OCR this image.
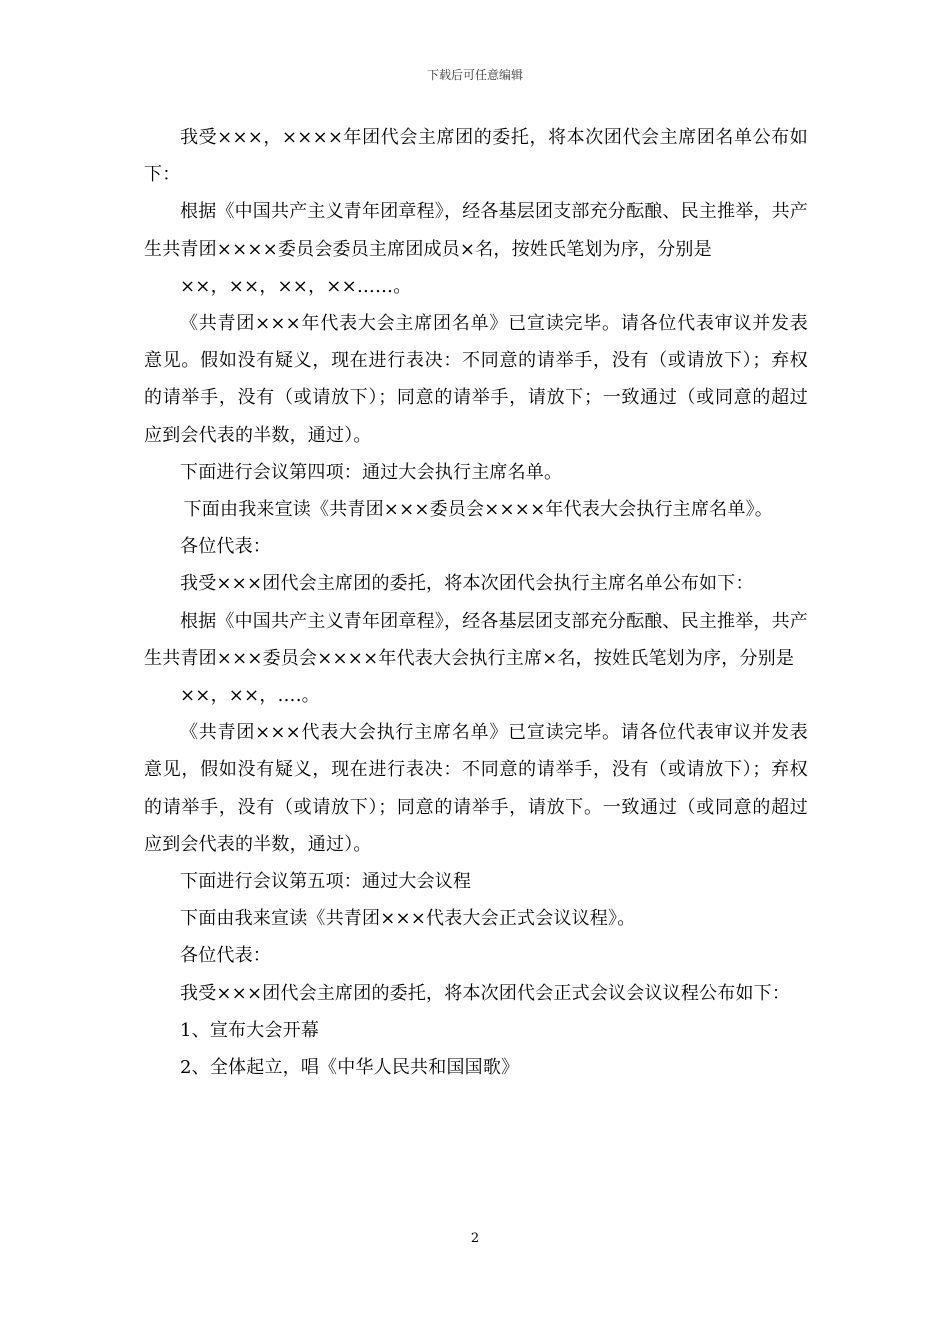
下载后可任意编辑

我受×××，××××年团代会主席团的委托，将本次团代会主席团名单公布如下：

根据《中国共产主义青年团章程》，经各基层团支部充分酝酿、民主推举，共产生共青团××××委员会委员主席团成员×名，按姓氏笔划为序，分别是

××，××，××，××……。

《共青团×××年代表大会主席团名单》已宣读完毕。请各位代表审议并发表意见。假如没有疑义，现在进行表决：不同意的请举手，没有（或请放下）；弃权的请举手，没有（或请放下）；同意的请举手，请放下；一致通过（或同意的超过应到会代表的半数，通过）。

下面进行会议第四项：通过大会执行主席名单。

下面由我来宣读《共青团×××委员会××××年代表大会执行主席名单》。

各位代表：

我受×××团代会主席团的委托，将本次团代会执行主席名单公布如下：

根据《中国共产主义青年团章程》，经各基层团支部充分酝酿、民主推举，共产生共青团×××委员会××××年代表大会执行主席×名，按姓氏笔划为序，分别是

××，××，….。

《共青团×××代表大会执行主席名单》已宣读完毕。请各位代表审议并发表意见，假如没有疑义，现在进行表决：不同意的请举手，没有（或请放下）；弃权的请举手，没有（或请放下）；同意的请举手，请放下。一致通过（或同意的超过应到会代表的半数，通过）。

下面进行会议第五项：通过大会议程

下面由我来宣读《共青团×××代表大会正式会议议程》。

各位代表：

我受×××团代会主席团的委托，将本次团代会正式会议会议议程公布如下：

1、宣布大会开幕

2、全体起立，唱《中华人民共和国国歌》

2
